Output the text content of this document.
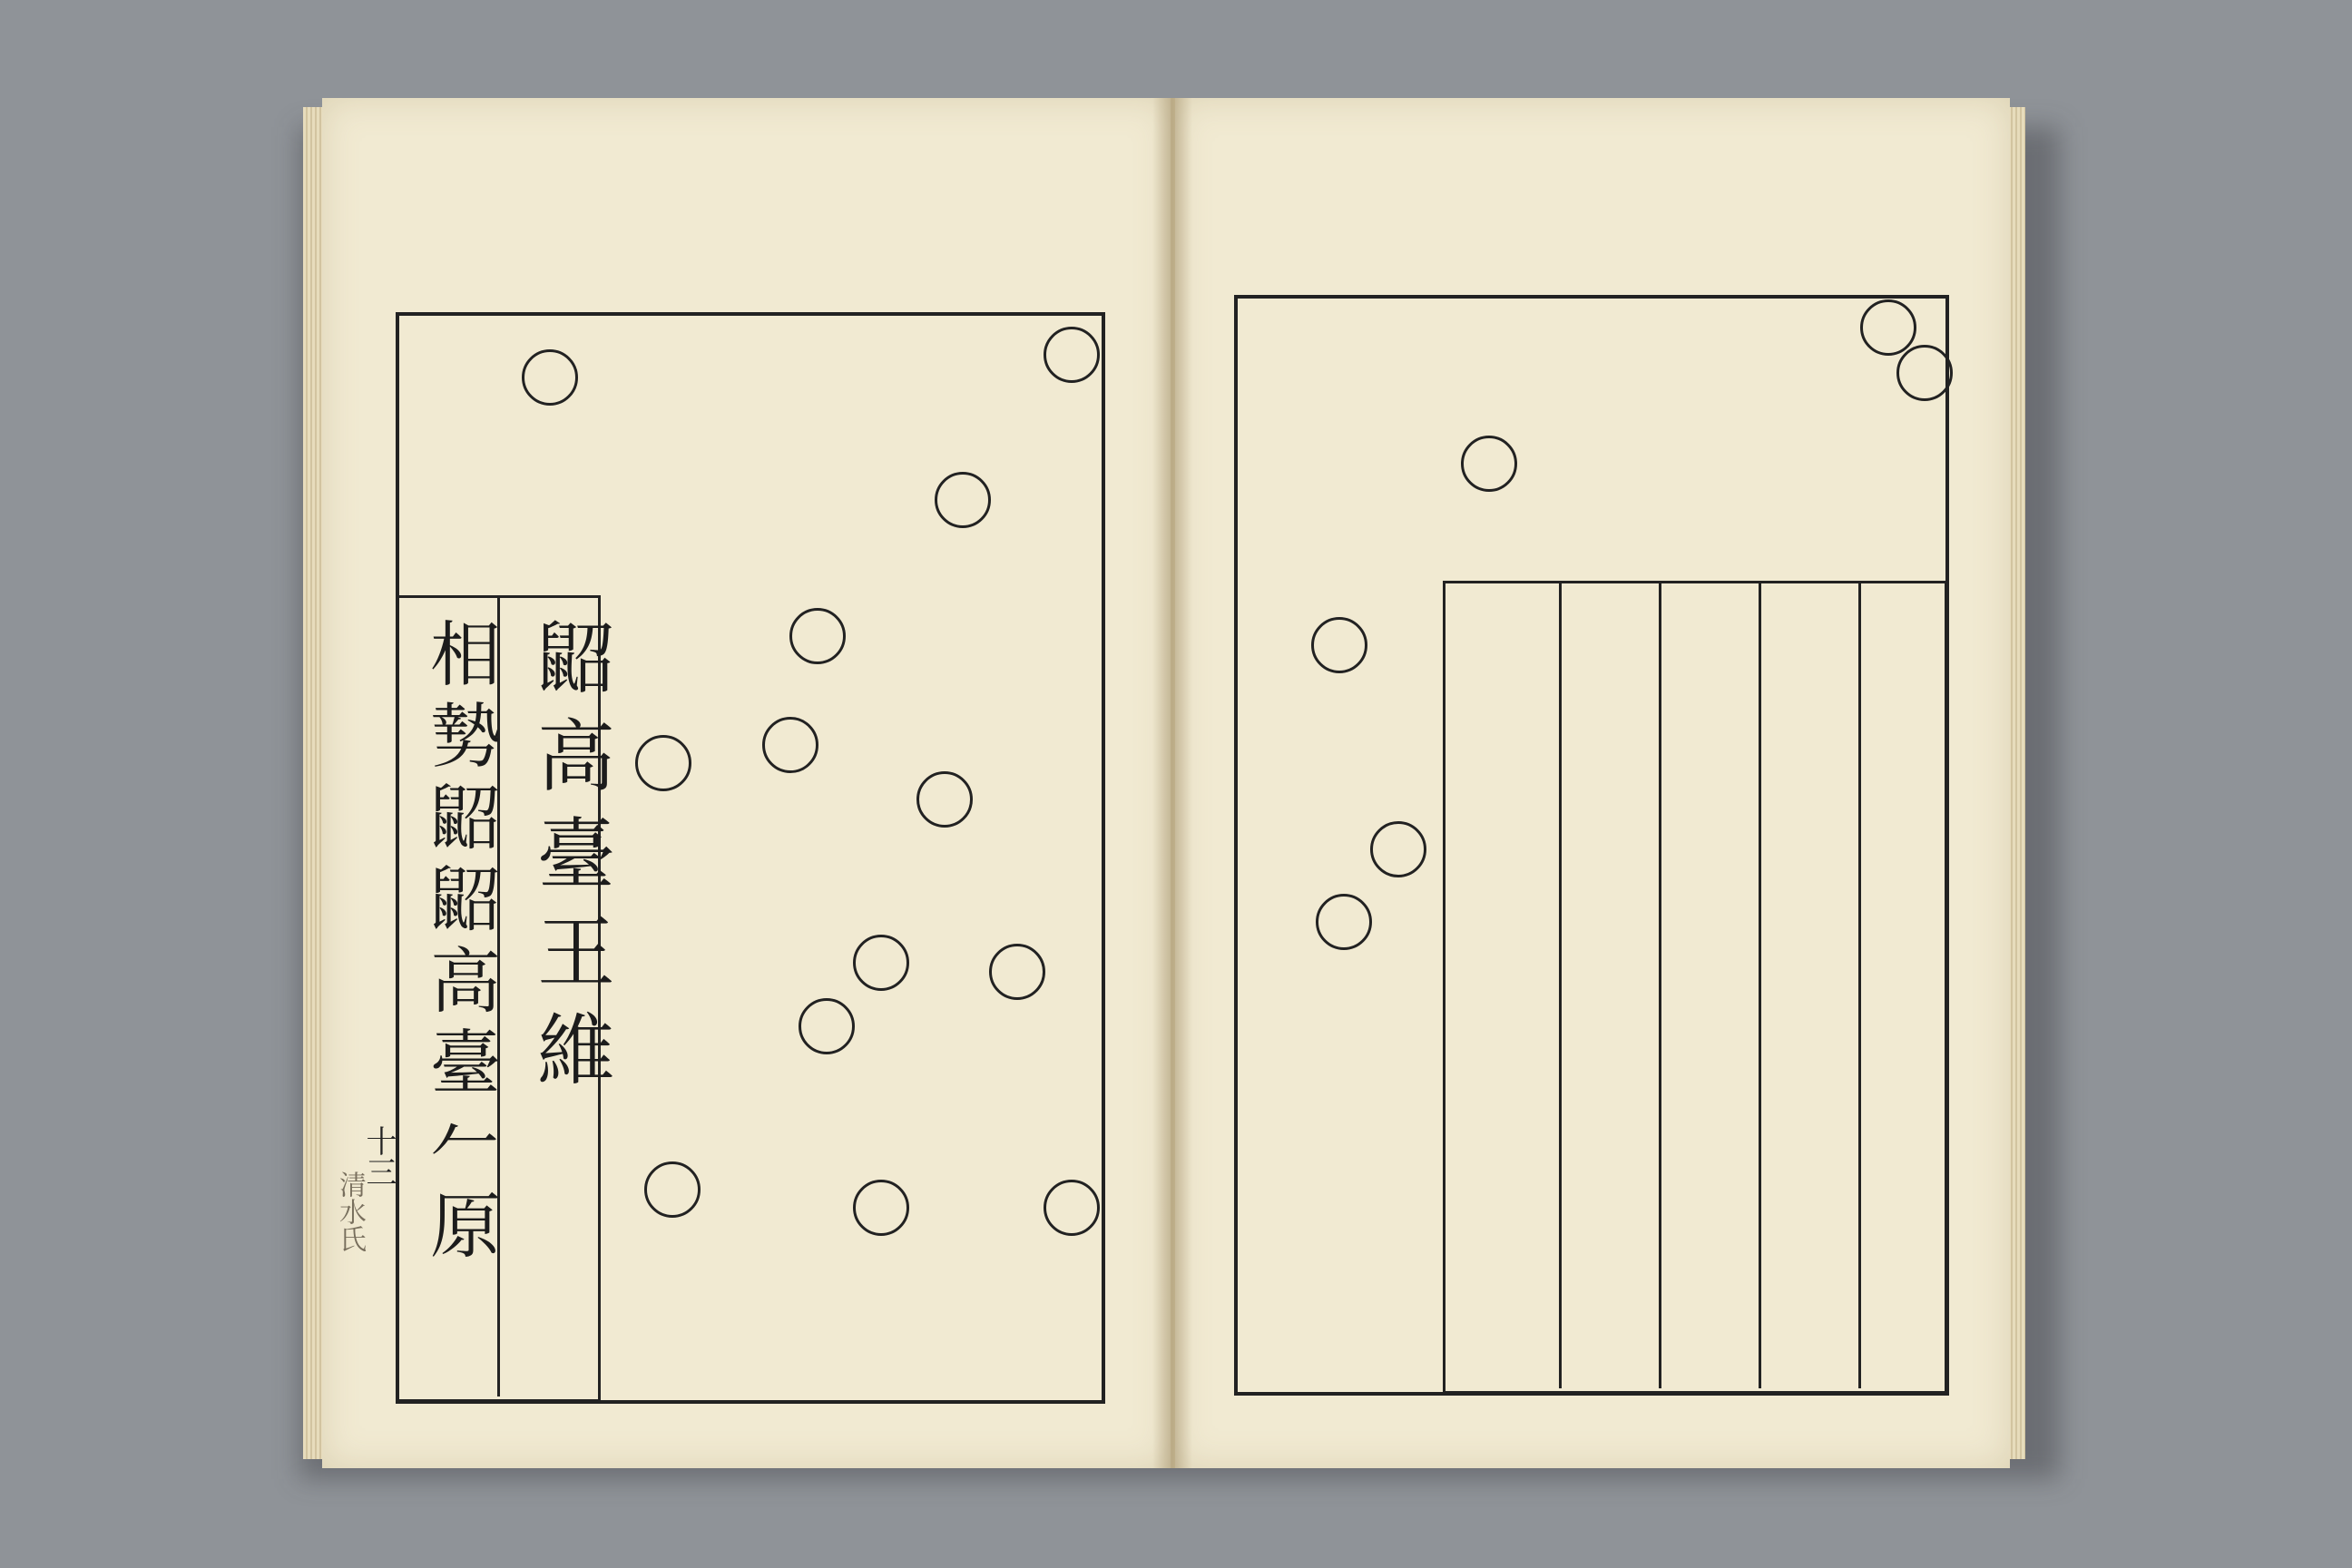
鼦高臺王維
相𫝑鼦鼦高臺𠂉原
十三
清水氏
